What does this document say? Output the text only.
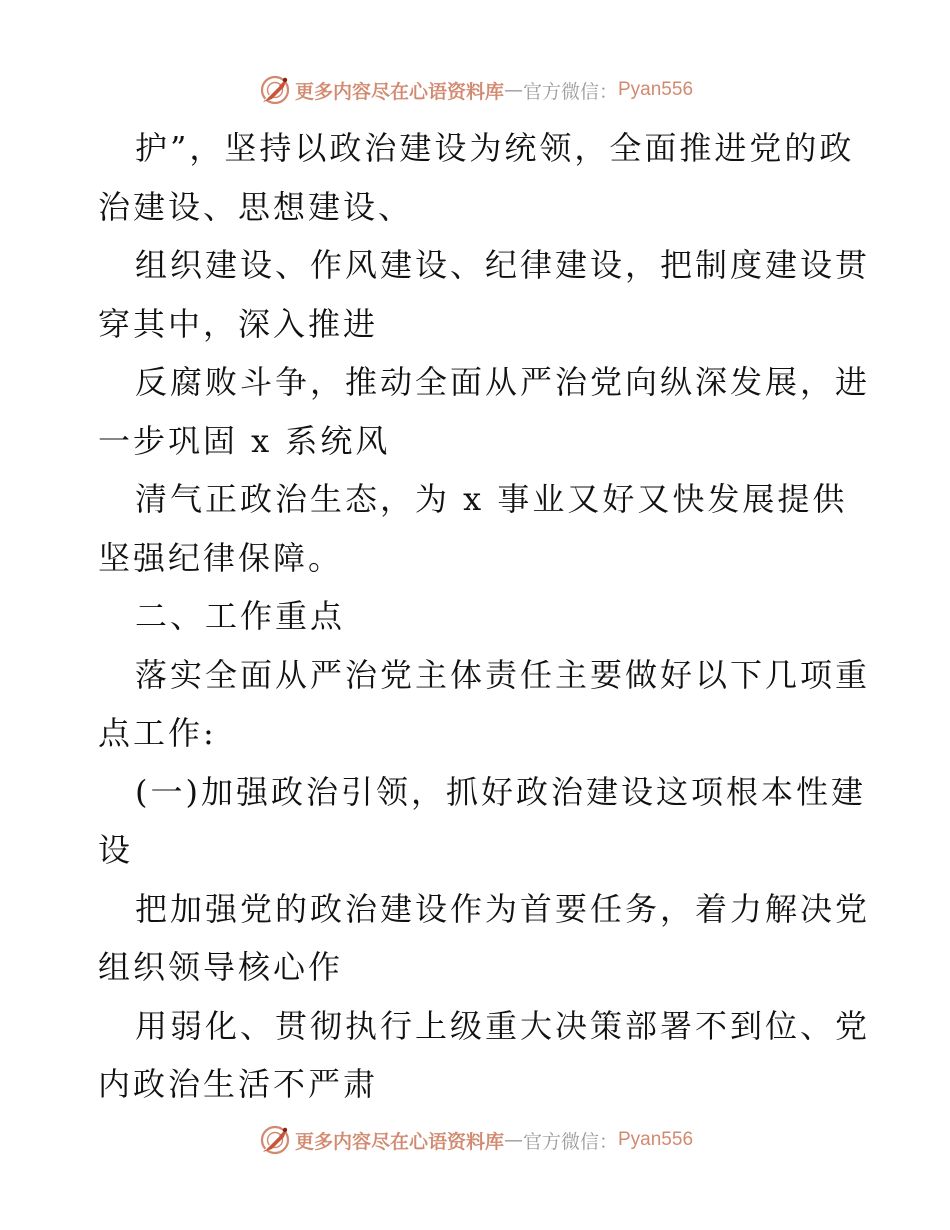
更多内容尽在心语资料库 — 官方微信： Pyan556
护”，坚持以政治建设为统领，全面推进党的政
治建设、思想建设、
组织建设、作风建设、纪律建设，把制度建设贯
穿其中，深入推进
反腐败斗争，推动全面从严治党向纵深发展，进
一步巩固 x 系统风
清气正政治生态，为 x 事业又好又快发展提供
坚强纪律保障。
二、工作重点
落实全面从严治党主体责任主要做好以下几项重
点工作:
(一)加强政治引领，抓好政治建设这项根本性建
设
把加强党的政治建设作为首要任务，着力解决党
组织领导核心作
用弱化、贯彻执行上级重大决策部署不到位、党
内政治生活不严肃
更多内容尽在心语资料库 — 官方微信： Pyan556
